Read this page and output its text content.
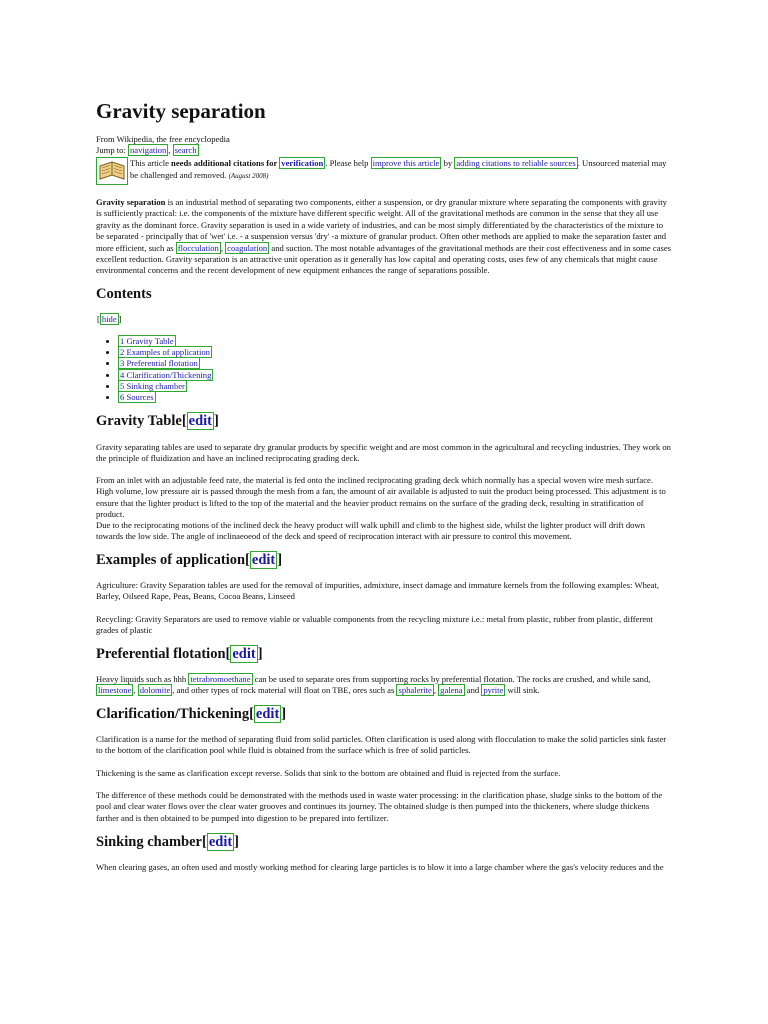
Gravity separation
From Wikipedia, the free encyclopedia
Jump to: navigation , search
This article needs additional citations for verification . Please help improve this article by adding citations to reliable sources . Unsourced material may be challenged and removed. (August 2008)

Gravity separation is an industrial method of separating two components, either a suspension, or dry granular mixture where separating the components with gravity is sufficiently practical: i.e. the components of the mixture have different specific weight. All of the gravitational methods are common in the sense that they all use gravity as the dominant force. Gravity separation is used in a wide variety of industries, and can be most simply differentiated by the characteristics of the mixture to be separated - principally that of 'wet' i.e. - a suspension versus 'dry' -a mixture of granular product. Often other methods are applied to make the separation faster and more efficient, such as flocculation , coagulation and suction. The most notable advantages of the gravitational methods are their cost effectiveness and in some cases excellent reduction. Gravity separation is an attractive unit operation as it generally has low capital and operating costs, uses few of any chemicals that might cause environmental concerns and the recent development of new equipment enhances the range of separations possible.

Contents
[ hide ]
• 1 Gravity Table
• 2 Examples of application
• 3 Preferential flotation
• 4 Clarification/Thickening
• 5 Sinking chamber
• 6 Sources
Gravity Table[ edit ]

Gravity separating tables are used to separate dry granular products by specific weight and are most common in the agricultural and recycling industries. They work on the principle of fluidization and have an inclined reciprocating grading deck.

From an inlet with an adjustable feed rate, the material is fed onto the inclined reciprocating grading deck which normally has a special woven wire mesh surface. High volume, low pressure air is passed through the mesh from a fan, the amount of air available is adjusted to suit the product being processed. This adjustment is to ensure that the lighter product is lifted to the top of the material and the heavier product remains on the surface of the grading deck, resulting in stratification of product.

Due to the reciprocating motions of the inclined deck the heavy product will walk uphill and climb to the highest side, whilst the lighter product will drift down towards the low side. The angle of inclinaeoeod of the deck and speed of reciprocation interact with air pressure to control this movement.

Examples of application[ edit ]

Agriculture: Gravity Separation tables are used for the removal of impurities, admixture, insect damage and immature kernels from the following examples: Wheat, Barley, Oilseed Rape, Peas, Beans, Cocoa Beans, Linseed

Recycling: Gravity Separators are used to remove viable or valuable components from the recycling mixture i.e.: metal from plastic, rubber from plastic, different grades of plastic

Preferential flotation[ edit ]

Heavy liquids such as hhh tetrabromoethane can be used to separate ores from supporting rocks by preferential flotation. The rocks are crushed, and while sand, limestone , dolomite , and other types of rock material will float on TBE, ores such as sphalerite , galena and pyrite will sink.

Clarification/Thickening[ edit ]

Clarification is a name for the method of separating fluid from solid particles. Often clarification is used along with flocculation to make the solid particles sink faster to the bottom of the clarification pool while fluid is obtained from the surface which is free of solid particles.

Thickening is the same as clarification except reverse. Solids that sink to the bottom are obtained and fluid is rejected from the surface.

The difference of these methods could be demonstrated with the methods used in waste water processing: in the clarification phase, sludge sinks to the bottom of the pool and clear water flows over the clear water grooves and continues its journey. The obtained sludge is then pumped into the thickeners, where sludge thickens farther and is then obtained to be pumped into digestion to be prepared into fertilizer.

Sinking chamber[ edit ]

When clearing gases, an often used and mostly working method for clearing large particles is to blow it into a large chamber where the gas's velocity reduces and the
